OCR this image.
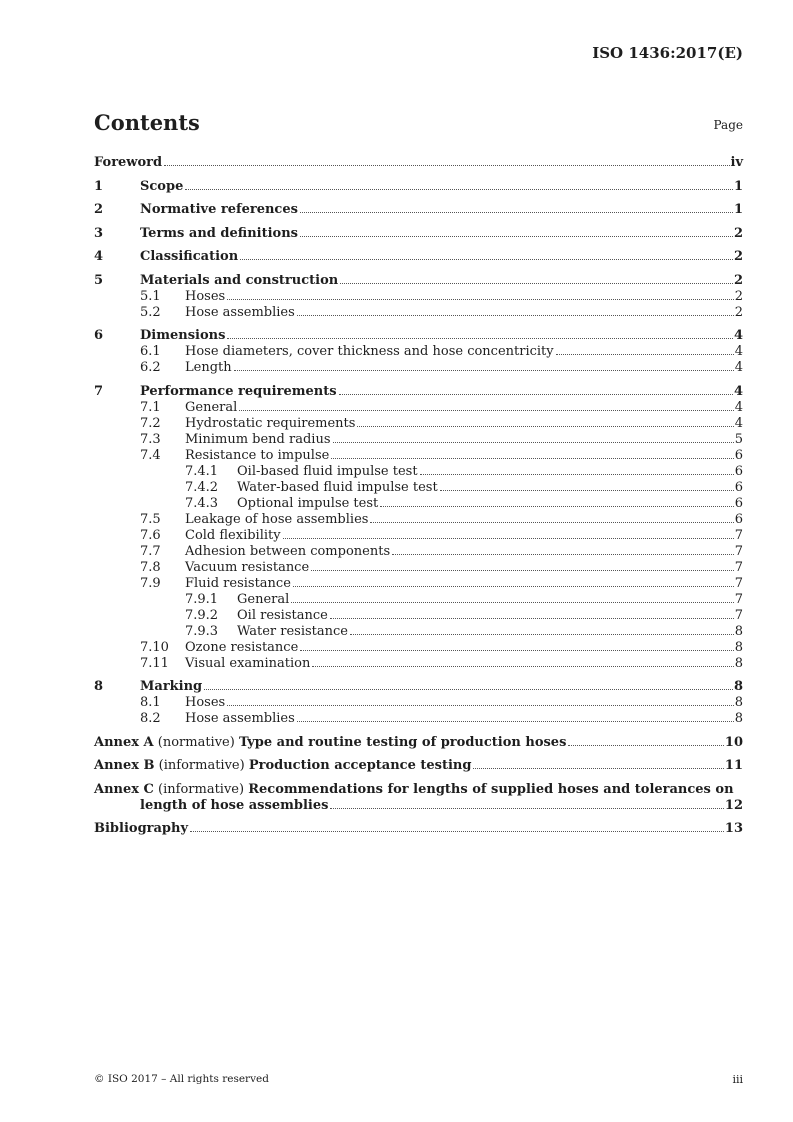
ISO 1436:2017(E)
Contents	Page
Foreword	iv
1	Scope	1
2	Normative references	1
3	Terms and definitions	2
4	Classification	2
5	Materials and construction	2
5.1	Hoses	2
5.2	Hose assemblies	2
6	Dimensions	4
6.1	Hose diameters, cover thickness and hose concentricity	4
6.2	Length	4
7	Performance requirements	4
7.1	General	4
7.2	Hydrostatic requirements	4
7.3	Minimum bend radius	5
7.4	Resistance to impulse	6
7.4.1	Oil-based fluid impulse test	6
7.4.2	Water-based fluid impulse test	6
7.4.3	Optional impulse test	6
7.5	Leakage of hose assemblies	6
7.6	Cold flexibility	7
7.7	Adhesion between components	7
7.8	Vacuum resistance	7
7.9	Fluid resistance	7
7.9.1	General	7
7.9.2	Oil resistance	7
7.9.3	Water resistance	8
7.10	Ozone resistance	8
7.11	Visual examination	8
8	Marking	8
8.1	Hoses	8
8.2	Hose assemblies	8
Annex A (normative) Type and routine testing of production hoses	10
Annex B (informative) Production acceptance testing	11
Annex C (informative) Recommendations for lengths of supplied hoses and tolerances on
length of hose assemblies	12
Bibliography	13
© ISO 2017 – All rights reserved	iii
